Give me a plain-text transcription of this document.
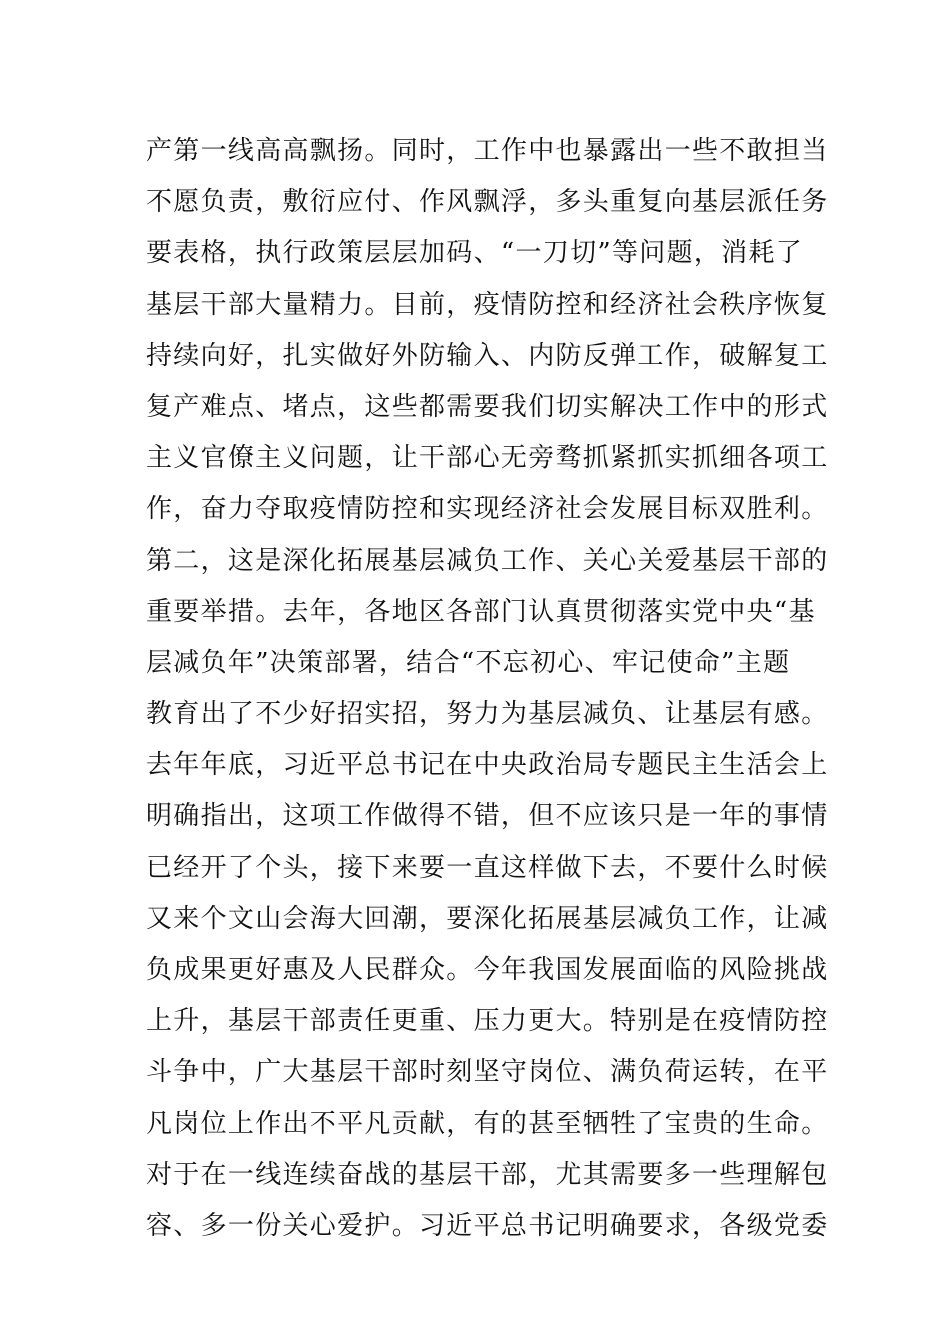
产第一线高高飘扬。同时，工作中也暴露出一些不敢担当
不愿负责，敷衍应付、作风飘浮，多头重复向基层派任务
要表格，执行政策层层加码、“一刀切”等问题，消耗了
基层干部大量精力。目前，疫情防控和经济社会秩序恢复
持续向好，扎实做好外防输入、内防反弹工作，破解复工
复产难点、堵点，这些都需要我们切实解决工作中的形式
主义官僚主义问题，让干部心无旁骛抓紧抓实抓细各项工
作，奋力夺取疫情防控和实现经济社会发展目标双胜利。
第二，这是深化拓展基层减负工作、关心关爱基层干部的
重要举措。去年，各地区各部门认真贯彻落实党中央“基
层减负年”决策部署，结合“不忘初心、牢记使命”主题
教育出了不少好招实招，努力为基层减负、让基层有感。
去年年底，习近平总书记在中央政治局专题民主生活会上
明确指出，这项工作做得不错，但不应该只是一年的事情
已经开了个头，接下来要一直这样做下去，不要什么时候
又来个文山会海大回潮，要深化拓展基层减负工作，让减
负成果更好惠及人民群众。今年我国发展面临的风险挑战
上升，基层干部责任更重、压力更大。特别是在疫情防控
斗争中，广大基层干部时刻坚守岗位、满负荷运转，在平
凡岗位上作出不平凡贡献，有的甚至牺牲了宝贵的生命。
对于在一线连续奋战的基层干部，尤其需要多一些理解包
容、多一份关心爱护。习近平总书记明确要求，各级党委
